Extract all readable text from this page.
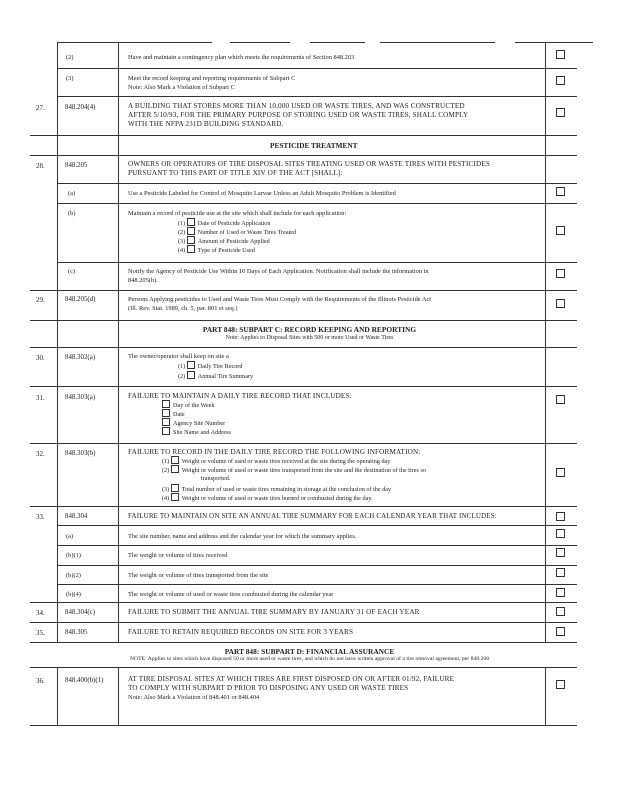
(2)	Have and maintain a contingency plan which meets the requirements of Section 848.203
(3)	Meet the record keeping and reporting requirements of Subpart C
Note: Also Mark a Violation of Subpart C
27.	848.204(4)	A BUILDING THAT STORES MORE THAN 10,000 USED OR WASTE TIRES, AND WAS CONSTRUCTED
AFTER 5/10/93, FOR THE PRIMARY PURPOSE OF STORING USED OR WASTE TIRES, SHALL COMPLY
WITH THE NFPA 231D BUILDING STANDARD.
PESTICIDE TREATMENT
28.	848.205	OWNERS OR OPERATORS OF TIRE DISPOSAL SITES TREATING USED OR WASTE TIRES WITH PESTICIDES
PURSUANT TO THIS PART OF TITLE XIV OF THE ACT [SHALL]:
(a)	Use a Pesticide Labeled for Control of Mosquito Larvae Unless an Adult Mosquito Problem is Identified
(b)	Maintain a record of pesticide use at the site which shall include for each application:
(1) Date of Pesticide Application
(2) Number of Used or Waste Tires Treated
(3) Amount of Pesticide Applied
(4) Type of Pesticide Used
(c)	Notify the Agency of Pesticide Use Within 10 Days of Each Application. Notification shall include the information in
848.205(b).
29.	848.205(d)	Persons Applying pesticides to Used and Waste Tires Must Comply with the Requirements of the Illinois Pesticide Act
(Ill. Rev. Stat. 1989, ch. 5, par. 801 et seq.)
PART 848: SUBPART C: RECORD KEEPING AND REPORTING
Note: Applies to Disposal Sites with 500 or more Used or Waste Tires
30.	848.302(a)	The owner/operator shall keep on site a
(1) Daily Tire Record
(2) Annual Tire Summary
31.	848.303(a)	FAILURE TO MAINTAIN A DAILY TIRE RECORD THAT INCLUDES:
Day of the Week
Date
Agency Site Number
Site Name and Address
32.	848.303(b)	FAILURE TO RECORD IN THE DAILY TIRE RECORD THE FOLLOWING INFORMATION:
(1) Weight or volume of used or waste tires received at the site during the operating day
(2) Weight or volume of used or waste tires transported from the site and the destination of the tires so
transported.
(3) Total number of used or waste tires remaining in storage at the conclusion of the day
(4) Weight or volume of used or waste tires burned or combusted during the day.
33.	848.304	FAILURE TO MAINTAIN ON SITE AN ANNUAL TIRE SUMMARY FOR EACH CALENDAR YEAR THAT INCLUDES:
(a)	The site number, name and address and the calendar year for which the summary applies.
(b)(1)	The weight or volume of tires received
(b)(2)	The weight or volume of tires transported from the site
(b)(4)	The weight or volume of used or waste tires combusted during the calendar year
34.	848.304(c)	FAILURE TO SUBMIT THE ANNUAL TIRE SUMMARY BY JANUARY 31 OF EACH YEAR
35.	848.305	FAILURE TO RETAIN REQUIRED RECORDS ON SITE FOR 3 YEARS
PART 848: SUBPART D: FINANCIAL ASSURANCE
NOTE: Applies to sites which have disposed 50 or more used or waste tires, and which do not have written approval of a tire removal agreement, per 848.208
36.	848.400(b)(1)	AT TIRE DISPOSAL SITES AT WHICH TIRES ARE FIRST DISPOSED ON OR AFTER 01/92, FAILURE
TO COMPLY WITH SUBPART D PRIOR TO DISPOSING ANY USED OR WASTE TIRES
Note: Also Mark a Violation of 848.401 or 848.404
